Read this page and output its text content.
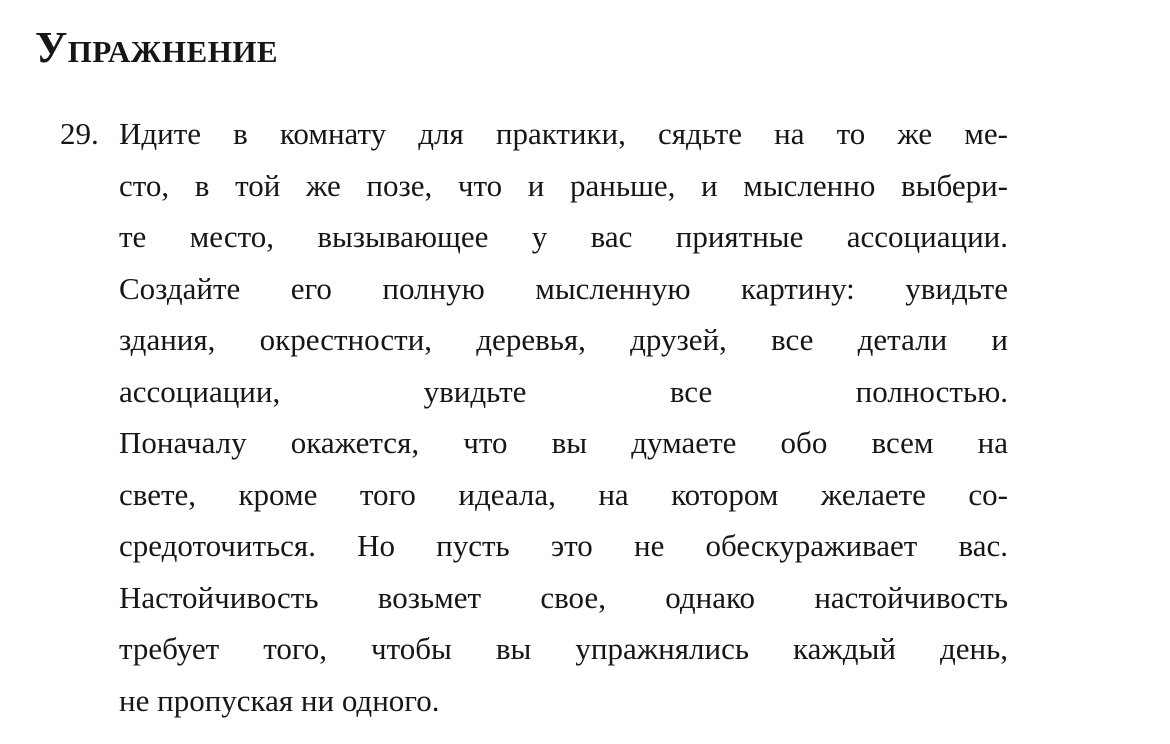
Упражнение
29. Идите в комнату для практики, сядьте на то же ме-
сто, в той же позе, что и раньше, и мысленно выбери-
те место, вызывающее у вас приятные ассоциации.
Создайте его полную мысленную картину: увидьте
здания, окрестности, деревья, друзей, все детали и
ассоциации, увидьте все полностью.
Поначалу окажется, что вы думаете обо всем на
свете, кроме того идеала, на котором желаете со-
средоточиться. Но пусть это не обескураживает вас.
Настойчивость возьмет свое, однако настойчивость
требует того, чтобы вы упражнялись каждый день,
не пропуская ни одного.
